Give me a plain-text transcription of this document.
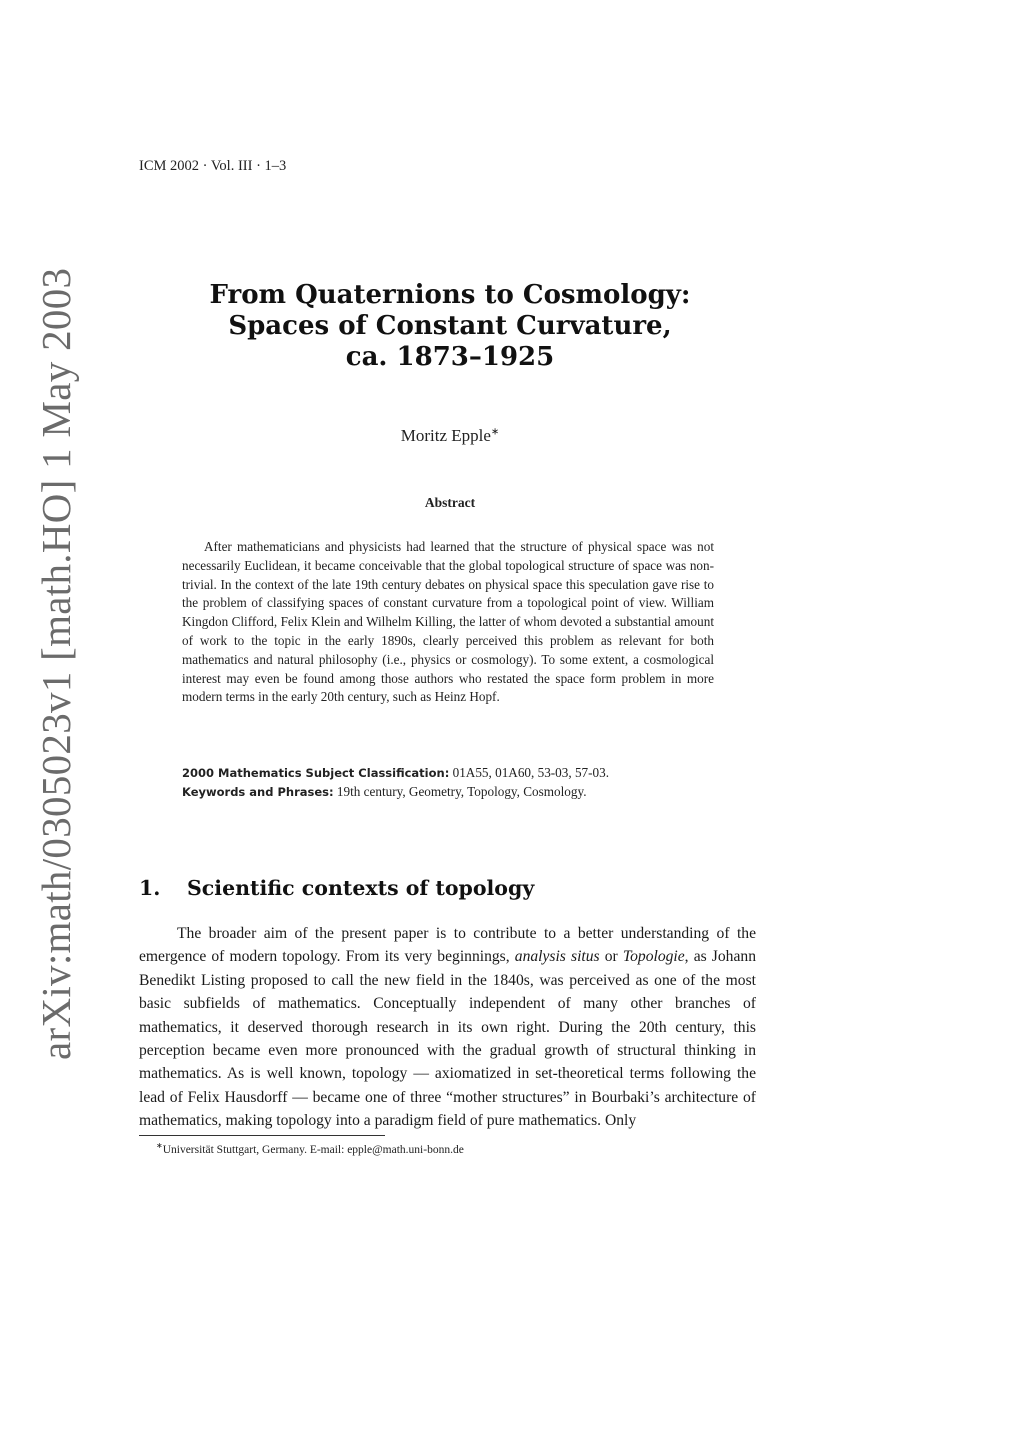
arXiv:math/0305023v1 [math.HO] 1 May 2003
ICM 2002 · Vol. III · 1–3
From Quaternions to Cosmology:
Spaces of Constant Curvature,
ca. 1873–1925
Moritz Epple∗
Abstract
After mathematicians and physicists had learned that the structure of physical space was not necessarily Euclidean, it became conceivable that the global topological structure of space was non-trivial. In the context of the late 19th century debates on physical space this speculation gave rise to the problem of classifying spaces of constant curvature from a topological point of view. William Kingdon Clifford, Felix Klein and Wilhelm Killing, the latter of whom devoted a substantial amount of work to the topic in the early 1890s, clearly perceived this problem as relevant for both mathematics and natural philosophy (i.e., physics or cosmology). To some extent, a cosmological interest may even be found among those authors who restated the space form problem in more modern terms in the early 20th century, such as Heinz Hopf.
2000 Mathematics Subject Classification: 01A55, 01A60, 53-03, 57-03.
Keywords and Phrases: 19th century, Geometry, Topology, Cosmology.
1. Scientific contexts of topology
The broader aim of the present paper is to contribute to a better understanding of the emergence of modern topology. From its very beginnings, analysis situs or Topologie, as Johann Benedikt Listing proposed to call the new field in the 1840s, was perceived as one of the most basic subfields of mathematics. Conceptually independent of many other branches of mathematics, it deserved thorough research in its own right. During the 20th century, this perception became even more pronounced with the gradual growth of structural thinking in mathematics. As is well known, topology — axiomatized in set-theoretical terms following the lead of Felix Hausdorff — became one of three “mother structures” in Bourbaki’s architecture of mathematics, making topology into a paradigm field of pure mathematics. Only
∗Universität Stuttgart, Germany. E-mail: epple@math.uni-bonn.de
